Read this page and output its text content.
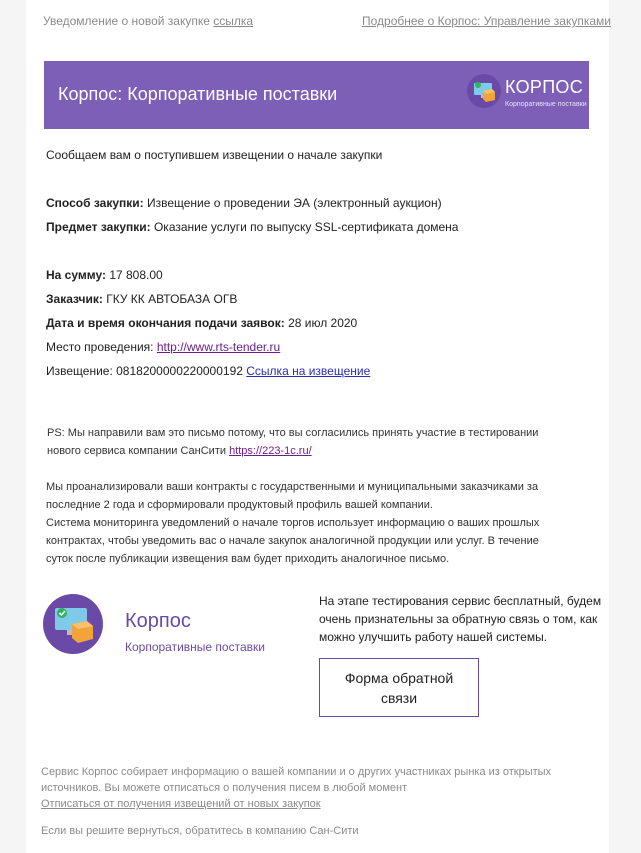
Уведомление о новой закупке ссылка	Подробнее о Корпос: Управление закупками
Корпос: Корпоративные поставки	КОРПОС
Корпоративные поставки
Сообщаем вам о поступившем извещении о начале закупки
Способ закупки: Извещение о проведении ЭА (электронный аукцион)
Предмет закупки: Оказание услуги по выпуску SSL-сертификата домена
На сумму: 17 808.00
Заказчик: ГКУ КК АВТОБАЗА ОГВ
Дата и время окончания подачи заявок: 28 июл 2020
Место проведения: http://www.rts-tender.ru
Извещение: 0818200000220000192 Ссылка на извещение
PS: Мы направили вам это письмо потому, что вы согласились принять участие в тестировании нового сервиса компании СанСити https://223-1c.ru/
Мы проанализировали ваши контракты с государственными и муниципальными заказчиками за последние 2 года и сформировали продуктовый профиль вашей компании.
Система мониторинга уведомлений о начале торгов использует информацию о ваших прошлых контрактах, чтобы уведомить вас о начале закупок аналогичной продукции или услуг. В течение суток после публикации извещения вам будет приходить аналогичное письмо.
Корпос
Корпоративные поставки
На этапе тестирования сервис бесплатный, будем очень признательны за обратную связь о том, как можно улучшить работу нашей системы.
Форма обратной связи
Сервис Корпос собирает информацию о вашей компании и о других участниках рынка из открытых источников. Вы можете отписаться о получения писем в любой момент
Отписаться от получения извещений от новых закупок
Если вы решите вернуться, обратитесь в компанию Сан-Сити
